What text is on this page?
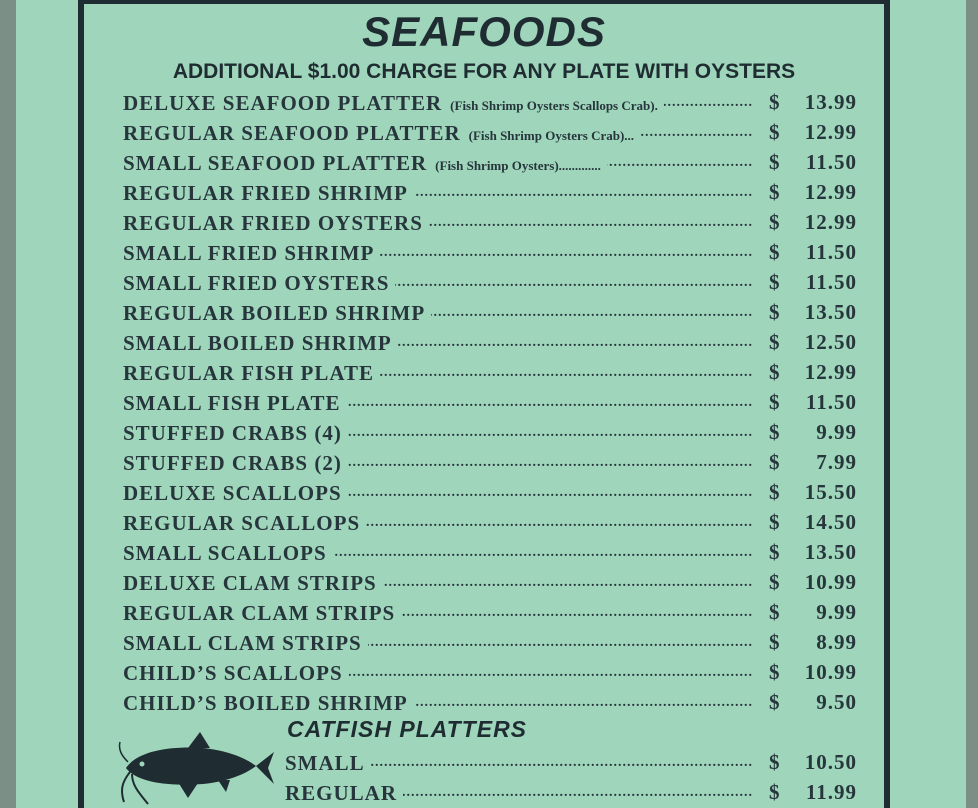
SEAFOODS
ADDITIONAL $1.00 CHARGE FOR ANY PLATE WITH OYSTERS
.....
DELUXE SEAFOOD PLATTER (Fish Shrimp Oysters Scallops Crab).	$ 13.99
.....
REGULAR SEAFOOD PLATTER (Fish Shrimp Oysters Crab)...	$ 12.99
.....
SMALL SEAFOOD PLATTER (Fish Shrimp Oysters).............	$ 11.50
.....
REGULAR FRIED SHRIMP	$ 12.99
.....
REGULAR FRIED OYSTERS	$ 12.99
.....
SMALL FRIED SHRIMP	$ 11.50
.....
SMALL FRIED OYSTERS	$ 11.50
.....
REGULAR BOILED SHRIMP	$ 13.50
.....
SMALL BOILED SHRIMP	$ 12.50
.....
REGULAR FISH PLATE	$ 12.99
.....
SMALL FISH PLATE	$ 11.50
.....
STUFFED CRABS (4)	$ 9.99
.....
STUFFED CRABS (2)	$ 7.99
.....
DELUXE SCALLOPS	$ 15.50
.....
REGULAR SCALLOPS	$ 14.50
.....
SMALL SCALLOPS	$ 13.50
.....
DELUXE CLAM STRIPS	$ 10.99
.....
REGULAR CLAM STRIPS	$ 9.99
.....
SMALL CLAM STRIPS	$ 8.99
.....
CHILD’S SCALLOPS	$ 10.99
.....
CHILD’S BOILED SHRIMP	$ 9.50
CATFISH PLATTERS
.....
SMALL	$ 10.50
.....
REGULAR	$ 11.99
